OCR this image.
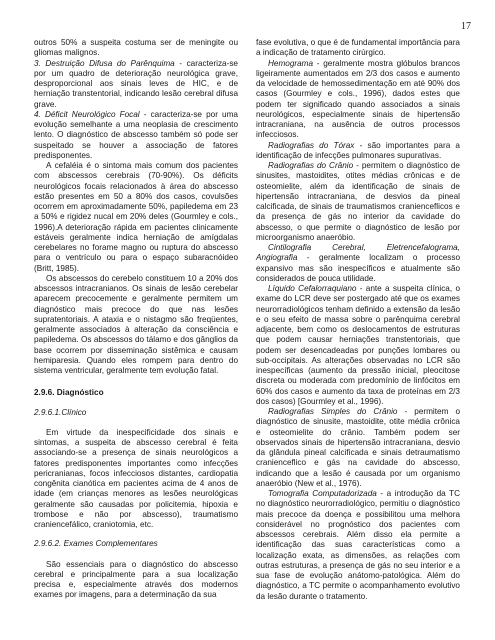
17

outros 50% a suspeita costuma ser de meningite ou gliomas malignos.

3. Destruição Difusa do Parênquima - caracteriza-se por um quadro de deterioração neurológica grave, desproporcional aos sinais leves de HIC, e de herniação transtentorial, indicando lesão cerebral difusa grave.

4. Déficit Neurológico Focal - caracteriza-se por uma evolução semelhante a uma neoplasia de crescimento lento. O diagnóstico de abscesso também só pode ser suspeitado se houver a associação de fatores predisponentes.

A cefaléia é o sintoma mais comum dos pacientes com abscessos cerebrais (70-90%). Os déficits neurológicos focais relacionados à área do abscesso estão presentes em 50 a 80% dos casos, covulsões ocorrem em aproximadamente 50%, papiledema em 23 a 50% e rigidez nucal em 20% deles (Gourmley e cols., 1996).A deterioração rápida em pacientes clinicamente estáveis geralmente indica herniação de amígdalas cerebelares no forame magno ou ruptura do abscesso para o ventrículo ou para o espaço subaracnóideo (Britt, 1985).

Os abscessos do cerebelo constituem 10 a 20% dos abscessos intracranianos. Os sinais de lesão cerebelar aparecem precocemente e geralmente permitem um diagnóstico mais precoce do que nas lesões supratentoriais. A ataxia e o nistagmo são freqüentes, geralmente associados à alteração da consciência e papiledema. Os abscessos do tálamo e dos gânglios da base ocorrem por disseminação sistêmica e causam hemiparesia. Quando eles rompem para dentro do sistema ventricular, geralmente tem evolução fatal.

2.9.6. Diagnóstico

2.9.6.1.Clínico

Em virtude da inespecificidade dos sinais e sintomas, a suspeita de abscesso cerebral é feita associando-se a presença de sinais neurológicos a fatores predisponentes importantes como infecções pericranianas, focos infecciosos distantes, cardiopatia congênita cianótica em pacientes acima de 4 anos de idade (em crianças menores as lesões neurológicas geralmente são causadas por policitemia, hipoxia e trombose e não por abscesso), traumatismo craniencefálico, craniotomia, etc.

2.9.6.2. Exames Complementares

São essenciais para o diagnóstico do abscesso cerebral e principalmente para a sua localização precisa e, especialmente através dos modernos exames por imagens, para a determinação da sua

fase evolutiva, o que é de fundamental importância para a indicação de tratamento cirúrgico.

Hemograma - geralmente mostra glóbulos brancos ligeiramente aumentados em 2/3 dos casos e aumento da velocidade de hemossedimentação em até 90% dos casos (Gourmley e cols., 1996), dados estes que podem ter significado quando associados a sinais neurológicos, especialmente sinais de hipertensão intracraniana, na ausência de outros processos infecciosos.

Radiografias do Tórax - são importantes para a identificação de infecções pulmonares supurativas.

Radiografias do Crânio - permitem o diagnóstico de sinusites, mastoidites, otites médias crônicas e de osteomielite, além da identificação de sinais de hipertensão intracraniana, de desvios da pineal calcificada, de sinais de traumatismos cranienceflicos e da presença de gás no interior da cavidade do abscesso, o que permite o diagnóstico de lesão por microorganismo anaeróbio.

Cintilografia Cerebral, Eletrencefalograma, Angiografia - geralmente localizam o processo expansivo mas são inespecíficos e atualmente são considerados de pouca utilidade.

Líquido Cefalorraquiano - ante a suspeita clínica, o exame do LCR deve ser postergado até que os exames neurorradiológicos tenham definido a extensão da lesão e o seu efeito de massa sobre o parênquima cerebral adjacente, bem como os deslocamentos de estruturas que podem causar herniações transtentoriais, que podem ser desencadeadas por punções lombares ou sub-occipitais. As alterações observadas no LCR são inespecíficas (aumento da pressão inicial, pleocitose discreta ou moderada com predomínio de linfócitos em 60% dos casos e aumento da taxa de proteínas em 2/3 dos casos) [Gourmley et al., 1996).

Radiografias Simples do Crânio - permitem o diagnóstico de sinusite, mastoidite, otite média crônica e osteomielite do crânio. Também podem ser observados sinais de hipertensão intracraniana, desvio da glândula pineal calcificada e sinais detraumatismo cranienceflico e gás na cavidade do abscesso, indicando que a lesão é causada por um organismo anaeróbio (New et al., 1976).

Tomografia Computadorizada - a introdução da TC no diagnóstico neurorradiológico, permitiu o diagnóstico mais precoce da doença e possibilitou uma melhora considerável no prognóstico dos pacientes com abscessos cerebrais. Além disso ela permite a identificação das suas características como a localização exata, as dimensões, as relações com outras estruturas, a presença de gás no seu interior e a sua fase de evolução anátomo-patológica. Além do diagnóstico, a TC permite o acompanhamento evolutivo da lesão durante o tratamento.
